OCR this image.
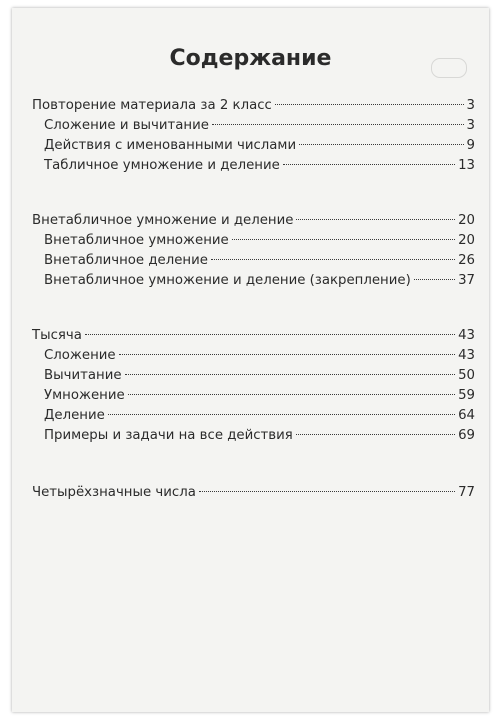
Содержание
Повторение материала за 2 класс	3
Сложение и вычитание	3
Действия с именованными числами	9
Табличное умножение и деление	13
Внетабличное умножение и деление	20
Внетабличное умножение	20
Внетабличное деление	26
Внетабличное умножение и деление (закрепление)	37
Тысяча	43
Сложение	43
Вычитание	50
Умножение	59
Деление	64
Примеры и задачи на все действия	69
Четырёхзначные числа	77
